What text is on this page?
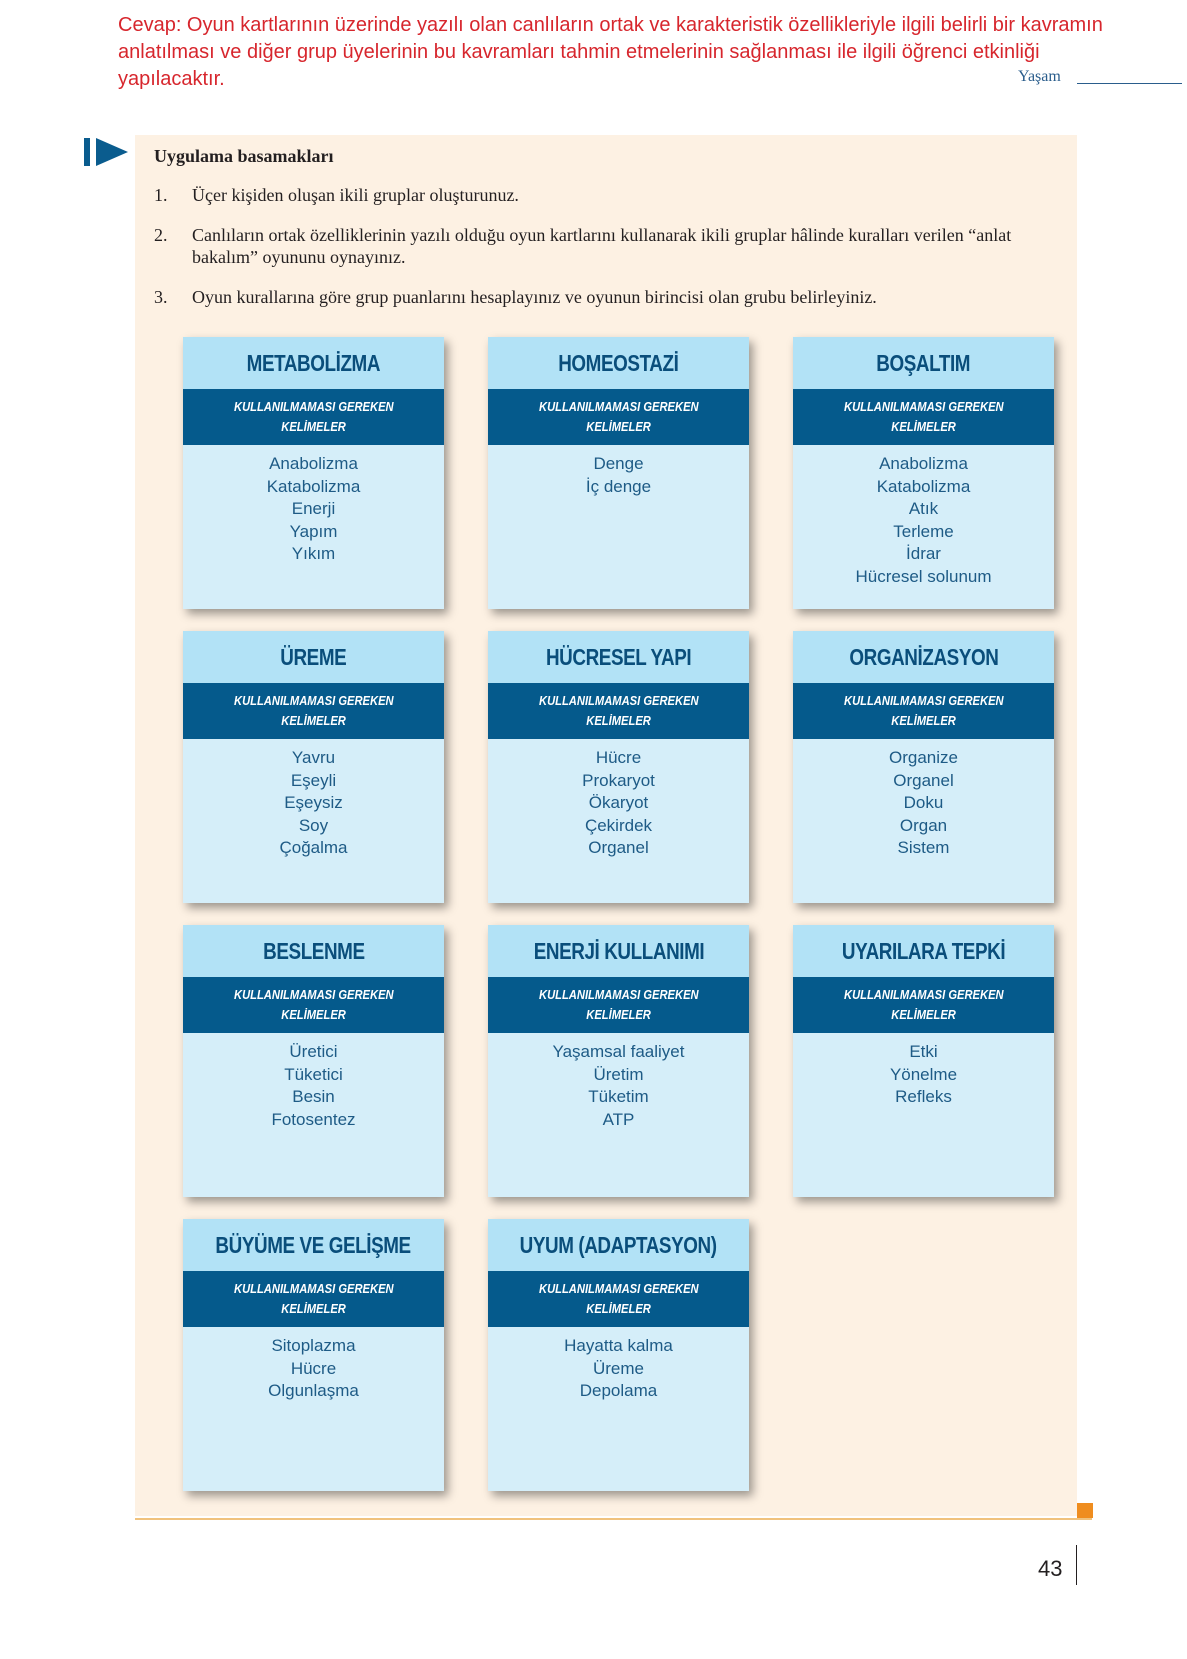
Cevap: Oyun kartlarının üzerinde yazılı olan canlıların ortak ve karakteristik özellikleriyle ilgili belirli bir kavramın anlatılması ve diğer grup üyelerinin bu kavramları tahmin etmelerinin sağlanması ile ilgili öğrenci etkinliği yapılacaktır.	Yaşam
Uygulama basamakları
1.	Üçer kişiden oluşan ikili gruplar oluşturunuz.
2.	Canlıların ortak özelliklerinin yazılı olduğu oyun kartlarını kullanarak ikili gruplar hâlinde kuralları verilen “anlat bakalım” oyununu oynayınız.
3.	Oyun kurallarına göre grup puanlarını hesaplayınız ve oyunun birincisi olan grubu belirleyiniz.
METABOLİZMA
KULLANILMAMASI GEREKEN
KELİMELER
Anabolizma
Katabolizma
Enerji
Yapım
Yıkım
HOMEOSTAZİ
KULLANILMAMASI GEREKEN
KELİMELER
Denge
İç denge
BOŞALTIM
KULLANILMAMASI GEREKEN
KELİMELER
Anabolizma
Katabolizma
Atık
Terleme
İdrar
Hücresel solunum
ÜREME
KULLANILMAMASI GEREKEN
KELİMELER
Yavru
Eşeyli
Eşeysiz
Soy
Çoğalma
HÜCRESEL YAPI
KULLANILMAMASI GEREKEN
KELİMELER
Hücre
Prokaryot
Ökaryot
Çekirdek
Organel
ORGANİZASYON
KULLANILMAMASI GEREKEN
KELİMELER
Organize
Organel
Doku
Organ
Sistem
BESLENME
KULLANILMAMASI GEREKEN
KELİMELER
Üretici
Tüketici
Besin
Fotosentez
ENERJİ KULLANIMI
KULLANILMAMASI GEREKEN
KELİMELER
Yaşamsal faaliyet
Üretim
Tüketim
ATP
UYARILARA TEPKİ
KULLANILMAMASI GEREKEN
KELİMELER
Etki
Yönelme
Refleks
BÜYÜME VE GELİŞME
KULLANILMAMASI GEREKEN
KELİMELER
Sitoplazma
Hücre
Olgunlaşma
UYUM (ADAPTASYON)
KULLANILMAMASI GEREKEN
KELİMELER
Hayatta kalma
Üreme
Depolama
43
